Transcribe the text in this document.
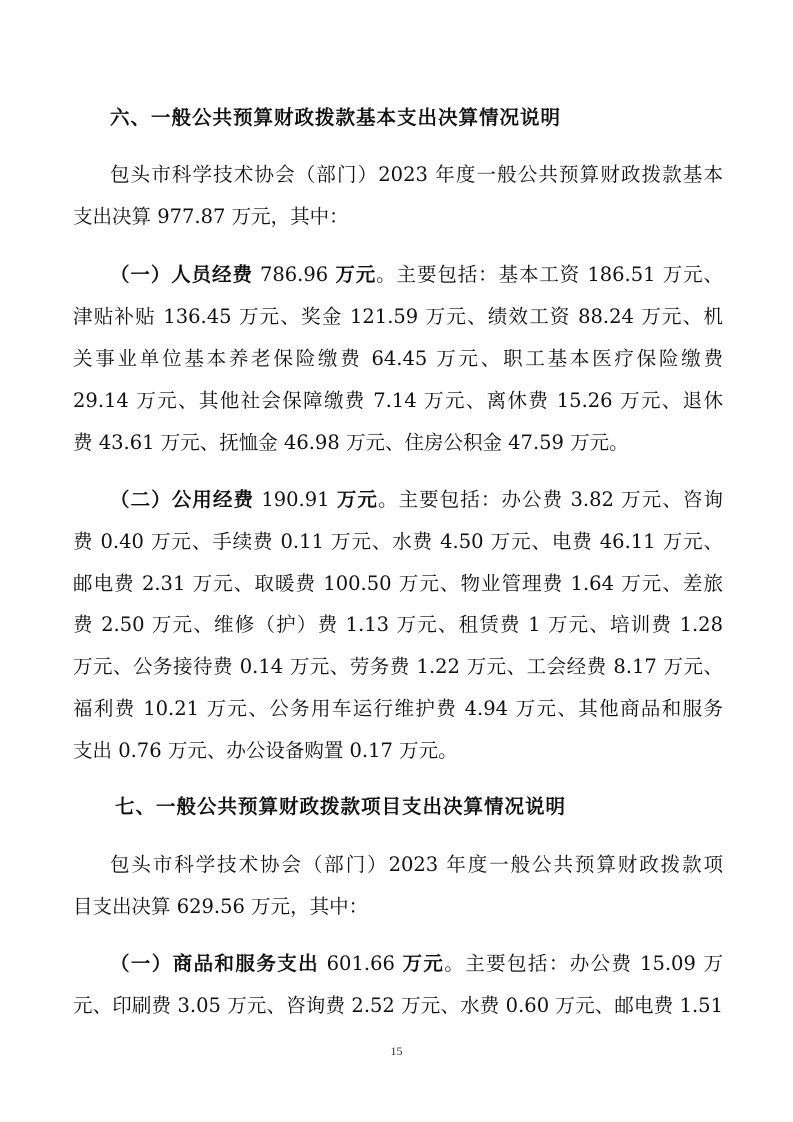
六、一般公共预算财政拨款基本支出决算情况说明
包头市科学技术协会（部门）2023 年度一般公共预算财政拨款基本
支出决算 977.87 万元，其中：
（一）人员经费 786.96 万元。主要包括：基本工资 186.51 万元、
津贴补贴 136.45 万元、奖金 121.59 万元、绩效工资 88.24 万元、机
关事业单位基本养老保险缴费 64.45 万元、职工基本医疗保险缴费
29.14 万元、其他社会保障缴费 7.14 万元、离休费 15.26 万元、退休
费 43.61 万元、抚恤金 46.98 万元、住房公积金 47.59 万元。
（二）公用经费 190.91 万元。主要包括：办公费 3.82 万元、咨询
费 0.40 万元、手续费 0.11 万元、水费 4.50 万元、电费 46.11 万元、
邮电费 2.31 万元、取暖费 100.50 万元、物业管理费 1.64 万元、差旅
费 2.50 万元、维修（护）费 1.13 万元、租赁费 1 万元、培训费 1.28
万元、公务接待费 0.14 万元、劳务费 1.22 万元、工会经费 8.17 万元、
福利费 10.21 万元、公务用车运行维护费 4.94 万元、其他商品和服务
支出 0.76 万元、办公设备购置 0.17 万元。
七、一般公共预算财政拨款项目支出决算情况说明
包头市科学技术协会（部门）2023 年度一般公共预算财政拨款项
目支出决算 629.56 万元，其中：
（一）商品和服务支出 601.66 万元。主要包括：办公费 15.09 万
元、印刷费 3.05 万元、咨询费 2.52 万元、水费 0.60 万元、邮电费 1.51
15
